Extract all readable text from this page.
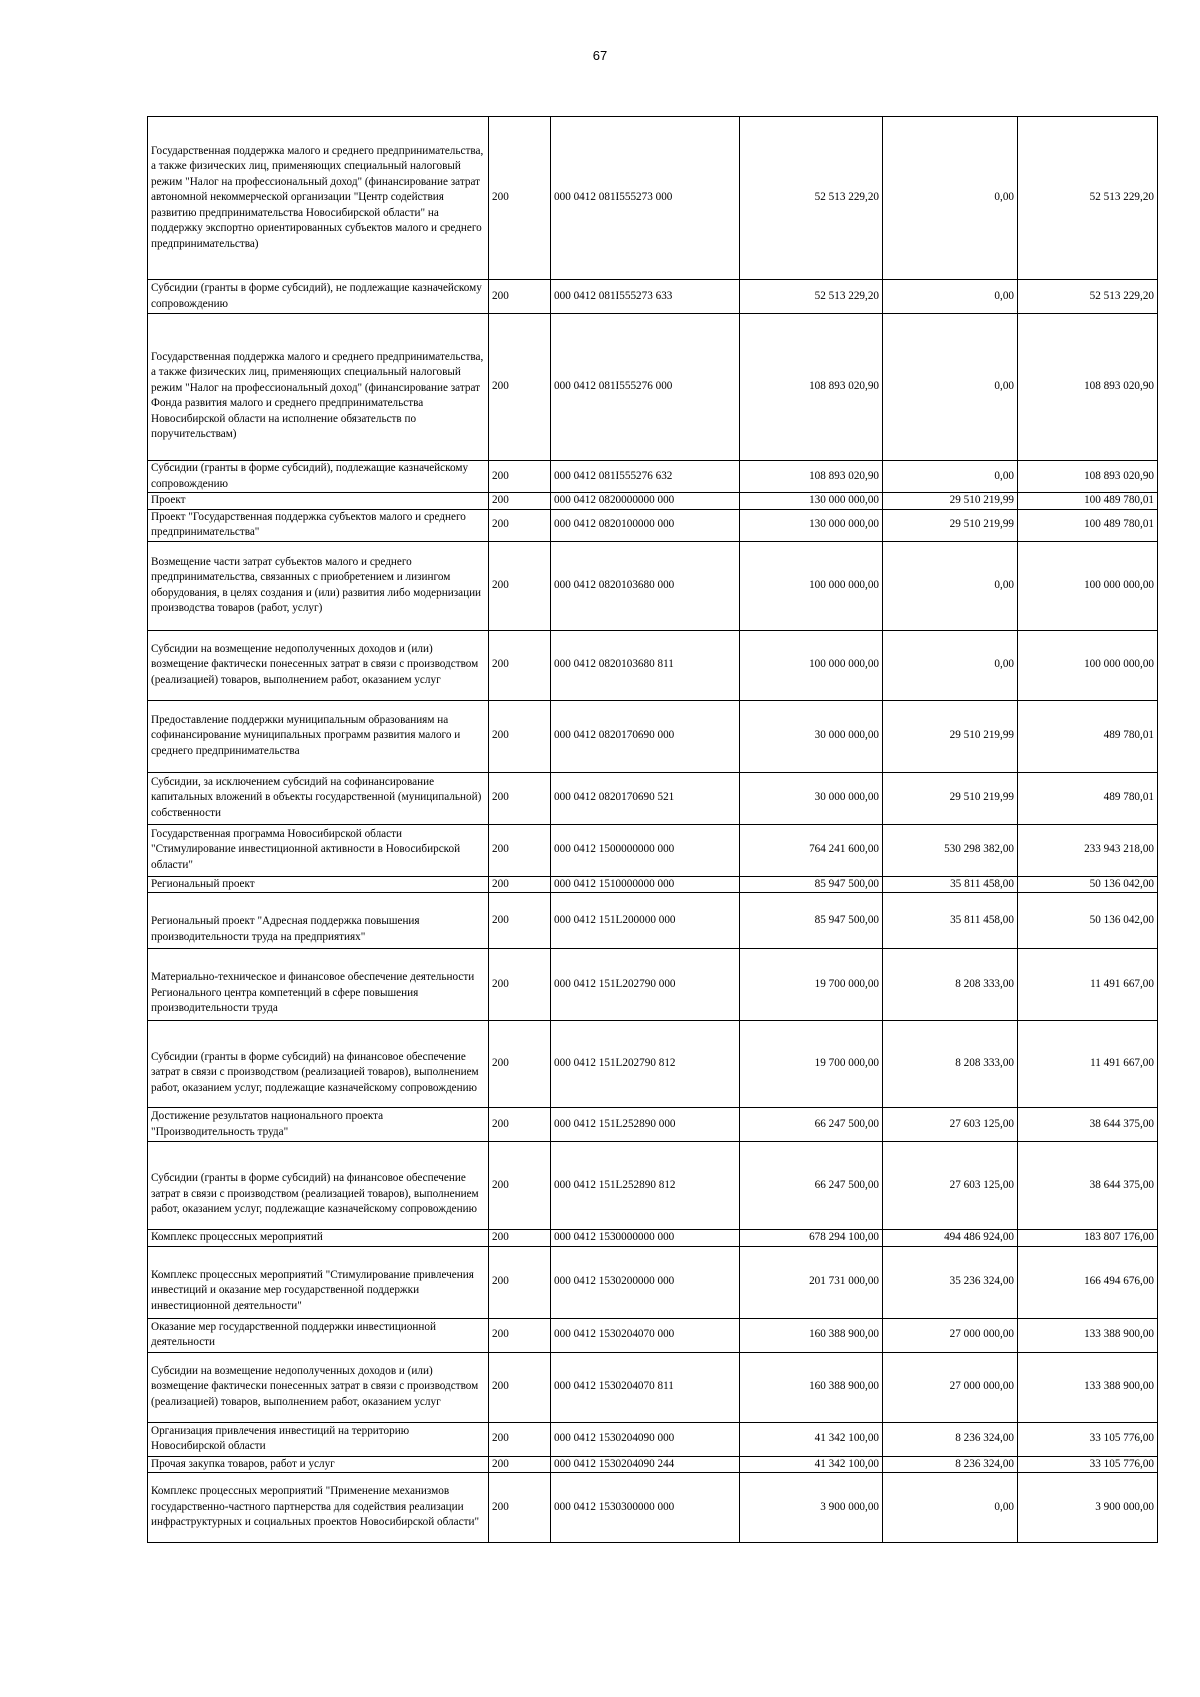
67
Государственная поддержка малого и среднего предпринимательства, а также физических лиц, применяющих специальный налоговый режим "Налог на профессиональный доход" (финансирование затрат автономной некоммерческой организации "Центр содействия развитию предпринимательства Новосибирской области" на поддержку экспортно ориентированных субъектов малого и среднего предпринимательства)	200	000 0412 081I555273 000	52 513 229,20	0,00	52 513 229,20
Субсидии (гранты в форме субсидий), не подлежащие казначейскому сопровождению	200	000 0412 081I555273 633	52 513 229,20	0,00	52 513 229,20
Государственная поддержка малого и среднего предпринимательства, а также физических лиц, применяющих специальный налоговый режим "Налог на профессиональный доход" (финансирование затрат Фонда развития малого и среднего предпринимательства Новосибирской области на исполнение обязательств по поручительствам)	200	000 0412 081I555276 000	108 893 020,90	0,00	108 893 020,90
Субсидии (гранты в форме субсидий), подлежащие казначейскому сопровождению	200	000 0412 081I555276 632	108 893 020,90	0,00	108 893 020,90
Проект	200	000 0412 0820000000 000	130 000 000,00	29 510 219,99	100 489 780,01
Проект "Государственная поддержка субъектов малого и среднего предпринимательства"	200	000 0412 0820100000 000	130 000 000,00	29 510 219,99	100 489 780,01
Возмещение части затрат субъектов малого и среднего предпринимательства, связанных с приобретением и лизингом оборудования, в целях создания и (или) развития либо модернизации производства товаров (работ, услуг)	200	000 0412 0820103680 000	100 000 000,00	0,00	100 000 000,00
Субсидии на возмещение недополученных доходов и (или) возмещение фактически понесенных затрат в связи с производством (реализацией) товаров, выполнением работ, оказанием услуг	200	000 0412 0820103680 811	100 000 000,00	0,00	100 000 000,00
Предоставление поддержки муниципальным образованиям на софинансирование муниципальных программ развития малого и среднего предпринимательства	200	000 0412 0820170690 000	30 000 000,00	29 510 219,99	489 780,01
Субсидии, за исключением субсидий на софинансирование капитальных вложений в объекты государственной (муниципальной) собственности	200	000 0412 0820170690 521	30 000 000,00	29 510 219,99	489 780,01
Государственная программа Новосибирской области "Стимулирование инвестиционной активности в Новосибирской области"	200	000 0412 1500000000 000	764 241 600,00	530 298 382,00	233 943 218,00
Региональный проект	200	000 0412 1510000000 000	85 947 500,00	35 811 458,00	50 136 042,00
Региональный проект "Адресная поддержка повышения производительности труда на предприятиях"	200	000 0412 151L200000 000	85 947 500,00	35 811 458,00	50 136 042,00
Материально-техническое и финансовое обеспечение деятельности Регионального центра компетенций в сфере повышения производительности труда	200	000 0412 151L202790 000	19 700 000,00	8 208 333,00	11 491 667,00
Субсидии (гранты в форме субсидий) на финансовое обеспечение затрат в связи с производством (реализацией товаров), выполнением работ, оказанием услуг, подлежащие казначейскому сопровождению	200	000 0412 151L202790 812	19 700 000,00	8 208 333,00	11 491 667,00
Достижение результатов национального проекта "Производительность труда"	200	000 0412 151L252890 000	66 247 500,00	27 603 125,00	38 644 375,00
Субсидии (гранты в форме субсидий) на финансовое обеспечение затрат в связи с производством (реализацией товаров), выполнением работ, оказанием услуг, подлежащие казначейскому сопровождению	200	000 0412 151L252890 812	66 247 500,00	27 603 125,00	38 644 375,00
Комплекс процессных мероприятий	200	000 0412 1530000000 000	678 294 100,00	494 486 924,00	183 807 176,00
Комплекс процессных мероприятий "Стимулирование привлечения инвестиций и оказание мер государственной поддержки инвестиционной деятельности"	200	000 0412 1530200000 000	201 731 000,00	35 236 324,00	166 494 676,00
Оказание мер государственной поддержки инвестиционной деятельности	200	000 0412 1530204070 000	160 388 900,00	27 000 000,00	133 388 900,00
Субсидии на возмещение недополученных доходов и (или) возмещение фактически понесенных затрат в связи с производством (реализацией) товаров, выполнением работ, оказанием услуг	200	000 0412 1530204070 811	160 388 900,00	27 000 000,00	133 388 900,00
Организация привлечения инвестиций на территорию Новосибирской области	200	000 0412 1530204090 000	41 342 100,00	8 236 324,00	33 105 776,00
Прочая закупка товаров, работ и услуг	200	000 0412 1530204090 244	41 342 100,00	8 236 324,00	33 105 776,00
Комплекс процессных мероприятий "Применение механизмов государственно-частного партнерства для содействия реализации инфраструктурных и социальных проектов Новосибирской области"	200	000 0412 1530300000 000	3 900 000,00	0,00	3 900 000,00
